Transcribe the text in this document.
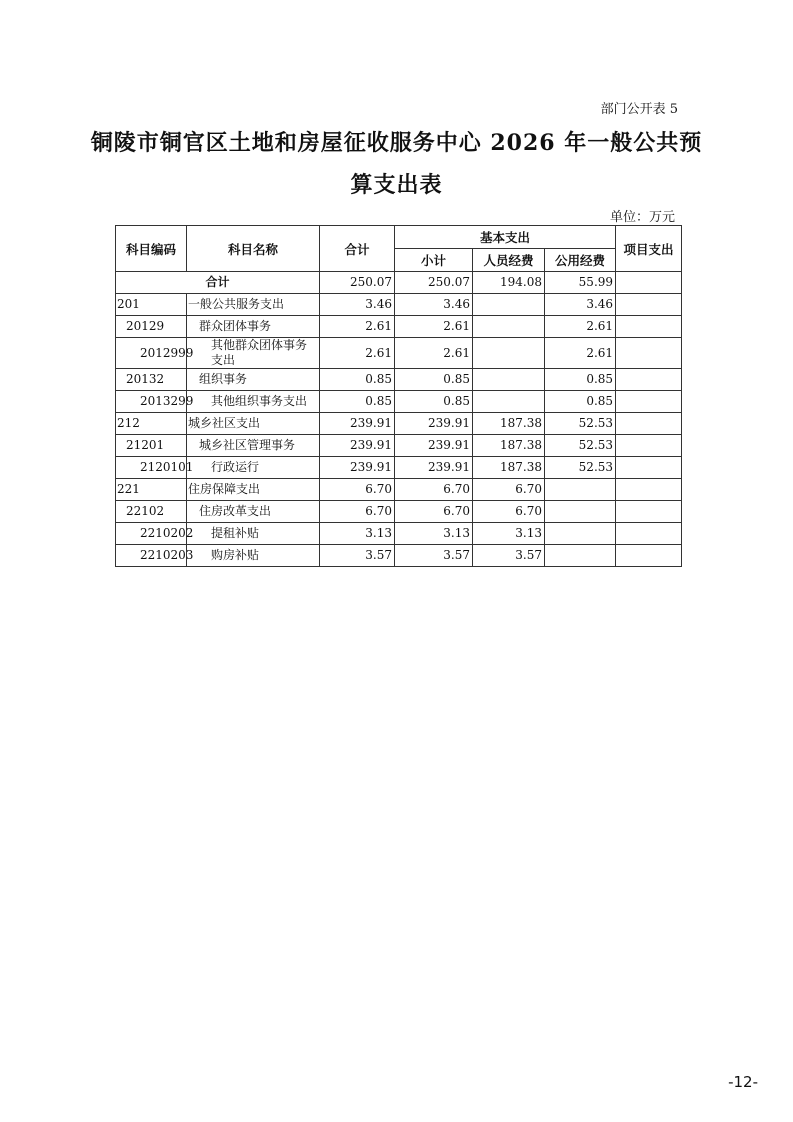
部门公开表 5
铜陵市铜官区土地和房屋征收服务中心 2026 年一般公共预
算支出表
单位：万元
科目编码	科目名称	合计	基本支出			项目支出
			小计	人员经费	公用经费	
合计		250.07	250.07	194.08	55.99	
201	一般公共服务支出	3.46	3.46		3.46	
20129	群众团体事务	2.61	2.61		2.61	
2012999	其他群众团体事务支出	2.61	2.61		2.61	
20132	组织事务	0.85	0.85		0.85	
2013299	其他组织事务支出	0.85	0.85		0.85	
212	城乡社区支出	239.91	239.91	187.38	52.53	
21201	城乡社区管理事务	239.91	239.91	187.38	52.53	
2120101	行政运行	239.91	239.91	187.38	52.53	
221	住房保障支出	6.70	6.70	6.70		
22102	住房改革支出	6.70	6.70	6.70		
2210202	提租补贴	3.13	3.13	3.13		
2210203	购房补贴	3.57	3.57	3.57		
-12-
